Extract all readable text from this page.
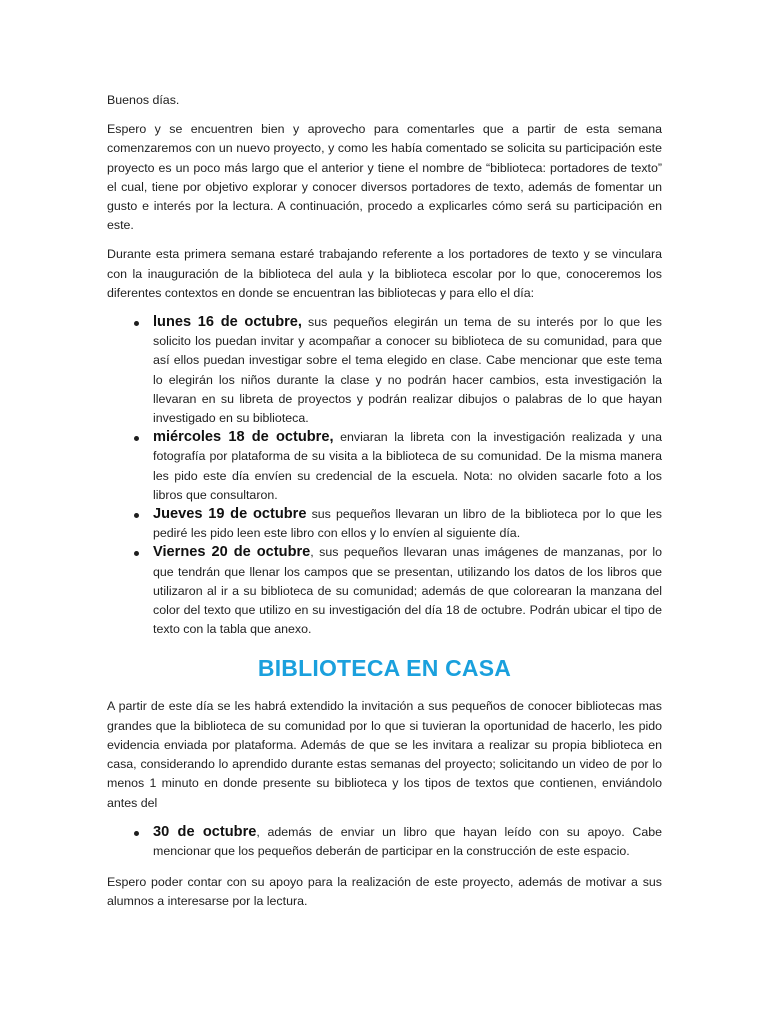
Buenos días.

Espero y se encuentren bien y aprovecho para comentarles que a partir de esta semana comenzaremos con un nuevo proyecto, y como les había comentado se solicita su participación este proyecto es un poco más largo que el anterior y tiene el nombre de “biblioteca: portadores de texto” el cual, tiene por objetivo explorar y conocer diversos portadores de texto, además de fomentar un gusto e interés por la lectura. A continuación, procedo a explicarles cómo será su participación en este.

Durante esta primera semana estaré trabajando referente a los portadores de texto y se vinculara con la inauguración de la biblioteca del aula y la biblioteca escolar por lo que, conoceremos los diferentes contextos en donde se encuentran las bibliotecas y para ello el día:

lunes 16 de octubre, sus pequeños elegirán un tema de su interés por lo que les solicito los puedan invitar y acompañar a conocer su biblioteca de su comunidad, para que así ellos puedan investigar sobre el tema elegido en clase. Cabe mencionar que este tema lo elegirán los niños durante la clase y no podrán hacer cambios, esta investigación la llevaran en su libreta de proyectos y podrán realizar dibujos o palabras de lo que hayan investigado en su biblioteca.
miércoles 18 de octubre, enviaran la libreta con la investigación realizada y una fotografía por plataforma de su visita a la biblioteca de su comunidad. De la misma manera les pido este día envíen su credencial de la escuela. Nota: no olviden sacarle foto a los libros que consultaron.
Jueves 19 de octubre sus pequeños llevaran un libro de la biblioteca por lo que les pediré les pido leen este libro con ellos y lo envíen al siguiente día.
Viernes 20 de octubre, sus pequeños llevaran unas imágenes de manzanas, por lo que tendrán que llenar los campos que se presentan, utilizando los datos de los libros que utilizaron al ir a su biblioteca de su comunidad; además de que colorearan la manzana del color del texto que utilizo en su investigación del día 18 de octubre. Podrán ubicar el tipo de texto con la tabla que anexo.
BIBLIOTECA EN CASA

A partir de este día se les habrá extendido la invitación a sus pequeños de conocer bibliotecas mas grandes que la biblioteca de su comunidad por lo que si tuvieran la oportunidad de hacerlo, les pido evidencia enviada por plataforma. Además de que se les invitara a realizar su propia biblioteca en casa, considerando lo aprendido durante estas semanas del proyecto; solicitando un video de por lo menos 1 minuto en donde presente su biblioteca y los tipos de textos que contienen, enviándolo antes del

30 de octubre, además de enviar un libro que hayan leído con su apoyo. Cabe mencionar que los pequeños deberán de participar en la construcción de este espacio.

Espero poder contar con su apoyo para la realización de este proyecto, además de motivar a sus alumnos a interesarse por la lectura.
